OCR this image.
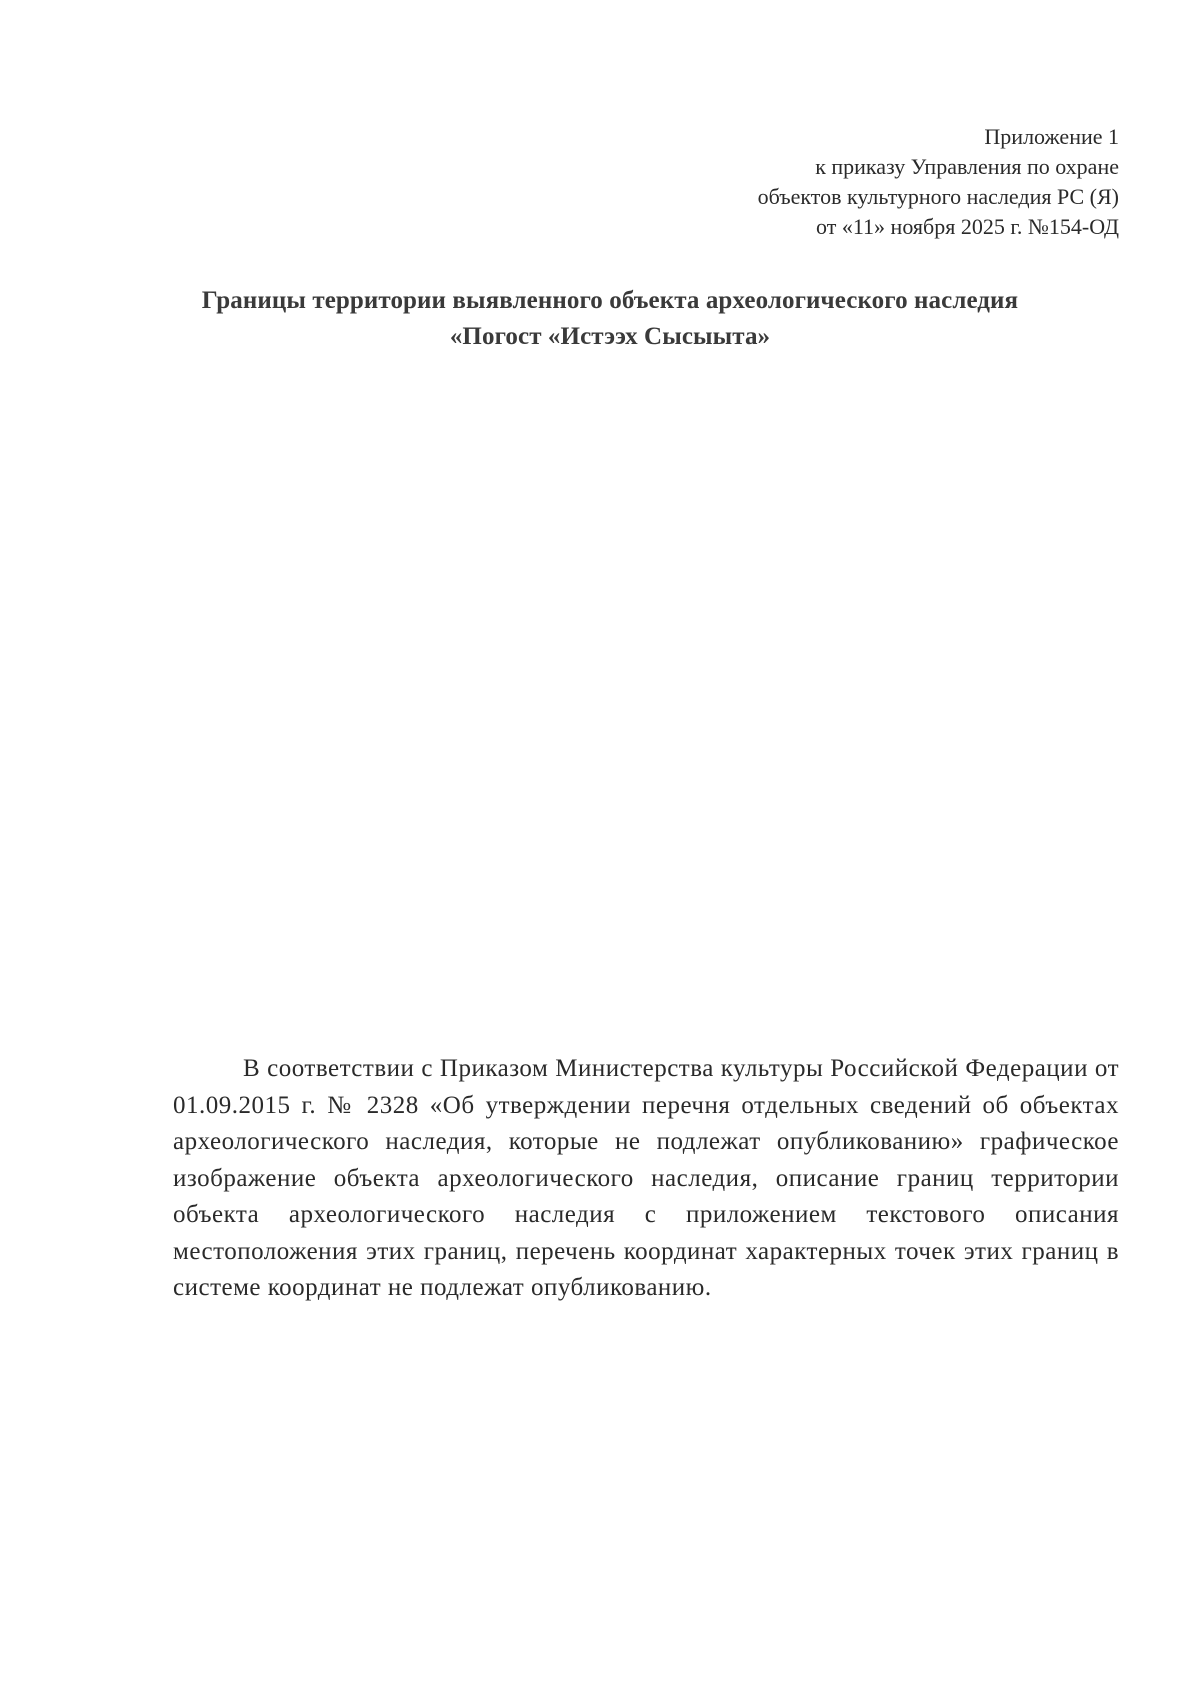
Приложение 1
к приказу Управления по охране
объектов культурного наследия РС (Я)
от «11» ноября 2025 г. №154-ОД
Границы территории выявленного объекта археологического наследия
«Погост «Истээх Сысыыта»

В соответствии с Приказом Министерства культуры Российской Федерации от 01.09.2015 г. № 2328 «Об утверждении перечня отдельных сведений об объектах археологического наследия, которые не подлежат опубликованию» графическое изображение объекта археологического наследия, описание границ территории объекта археологического наследия с приложением текстового описания местоположения этих границ, перечень координат характерных точек этих границ в системе координат не подлежат опубликованию.
